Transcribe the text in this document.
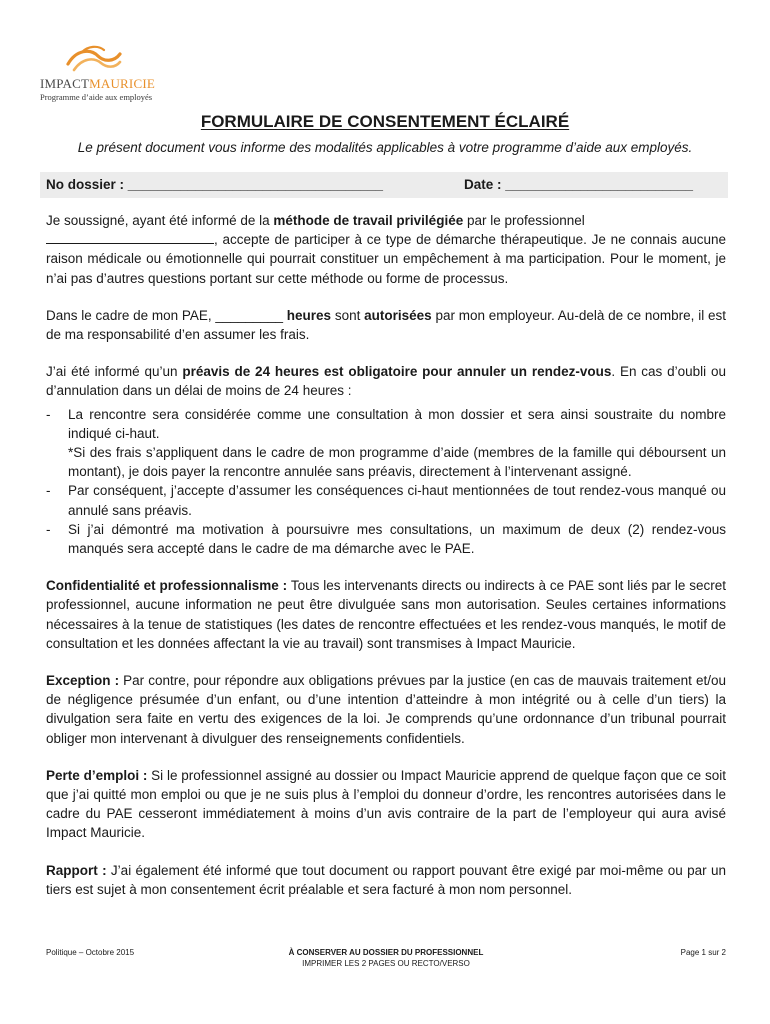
IMPACTMAURICIE
Programme d’aide aux employés
FORMULAIRE DE CONSENTEMENT ÉCLAIRÉ
Le présent document vous informe des modalités applicables à votre programme d’aide aux employés.
No dossier : __________________________________	Date : _________________________

Je soussigné, ayant été informé de la méthode de travail privilégiée par le professionnel
, accepte de participer à ce type de démarche thérapeutique. Je ne connais aucune raison médicale ou émotionnelle qui pourrait constituer un empêchement à ma participation. Pour le moment, je n’ai pas d’autres questions portant sur cette méthode ou forme de processus.

Dans le cadre de mon PAE, _________ heures sont autorisées par mon employeur. Au-delà de ce nombre, il est de ma responsabilité d’en assumer les frais.

J’ai été informé qu’un préavis de 24 heures est obligatoire pour annuler un rendez-vous. En cas d’oubli ou d’annulation dans un délai de moins de 24 heures :

- La rencontre sera considérée comme une consultation à mon dossier et sera ainsi soustraite du nombre indiqué ci-haut.
*Si des frais s’appliquent dans le cadre de mon programme d’aide (membres de la famille qui déboursent un montant), je dois payer la rencontre annulée sans préavis, directement à l’intervenant assigné.
- Par conséquent, j’accepte d’assumer les conséquences ci-haut mentionnées de tout rendez-vous manqué ou annulé sans préavis.
- Si j’ai démontré ma motivation à poursuivre mes consultations, un maximum de deux (2) rendez-vous manqués sera accepté dans le cadre de ma démarche avec le PAE.

Confidentialité et professionnalisme : Tous les intervenants directs ou indirects à ce PAE sont liés par le secret professionnel, aucune information ne peut être divulguée sans mon autorisation. Seules certaines informations nécessaires à la tenue de statistiques (les dates de rencontre effectuées et les rendez-vous manqués, le motif de consultation et les données affectant la vie au travail) sont transmises à Impact Mauricie.

Exception : Par contre, pour répondre aux obligations prévues par la justice (en cas de mauvais traitement et/ou de négligence présumée d’un enfant, ou d’une intention d’atteindre à mon intégrité ou à celle d’un tiers) la divulgation sera faite en vertu des exigences de la loi. Je comprends qu’une ordonnance d’un tribunal pourrait obliger mon intervenant à divulguer des renseignements confidentiels.

Perte d’emploi : Si le professionnel assigné au dossier ou Impact Mauricie apprend de quelque façon que ce soit que j’ai quitté mon emploi ou que je ne suis plus à l’emploi du donneur d’ordre, les rencontres autorisées dans le cadre du PAE cesseront immédiatement à moins d’un avis contraire de la part de l’employeur qui aura avisé Impact Mauricie.

Rapport : J’ai également été informé que tout document ou rapport pouvant être exigé par moi-même ou par un tiers est sujet à mon consentement écrit préalable et sera facturé à mon nom personnel.

Politique – Octobre 2015	À CONSERVER AU DOSSIER DU PROFESSIONNEL
IMPRIMER LES 2 PAGES OU RECTO/VERSO
Page 1 sur 2
